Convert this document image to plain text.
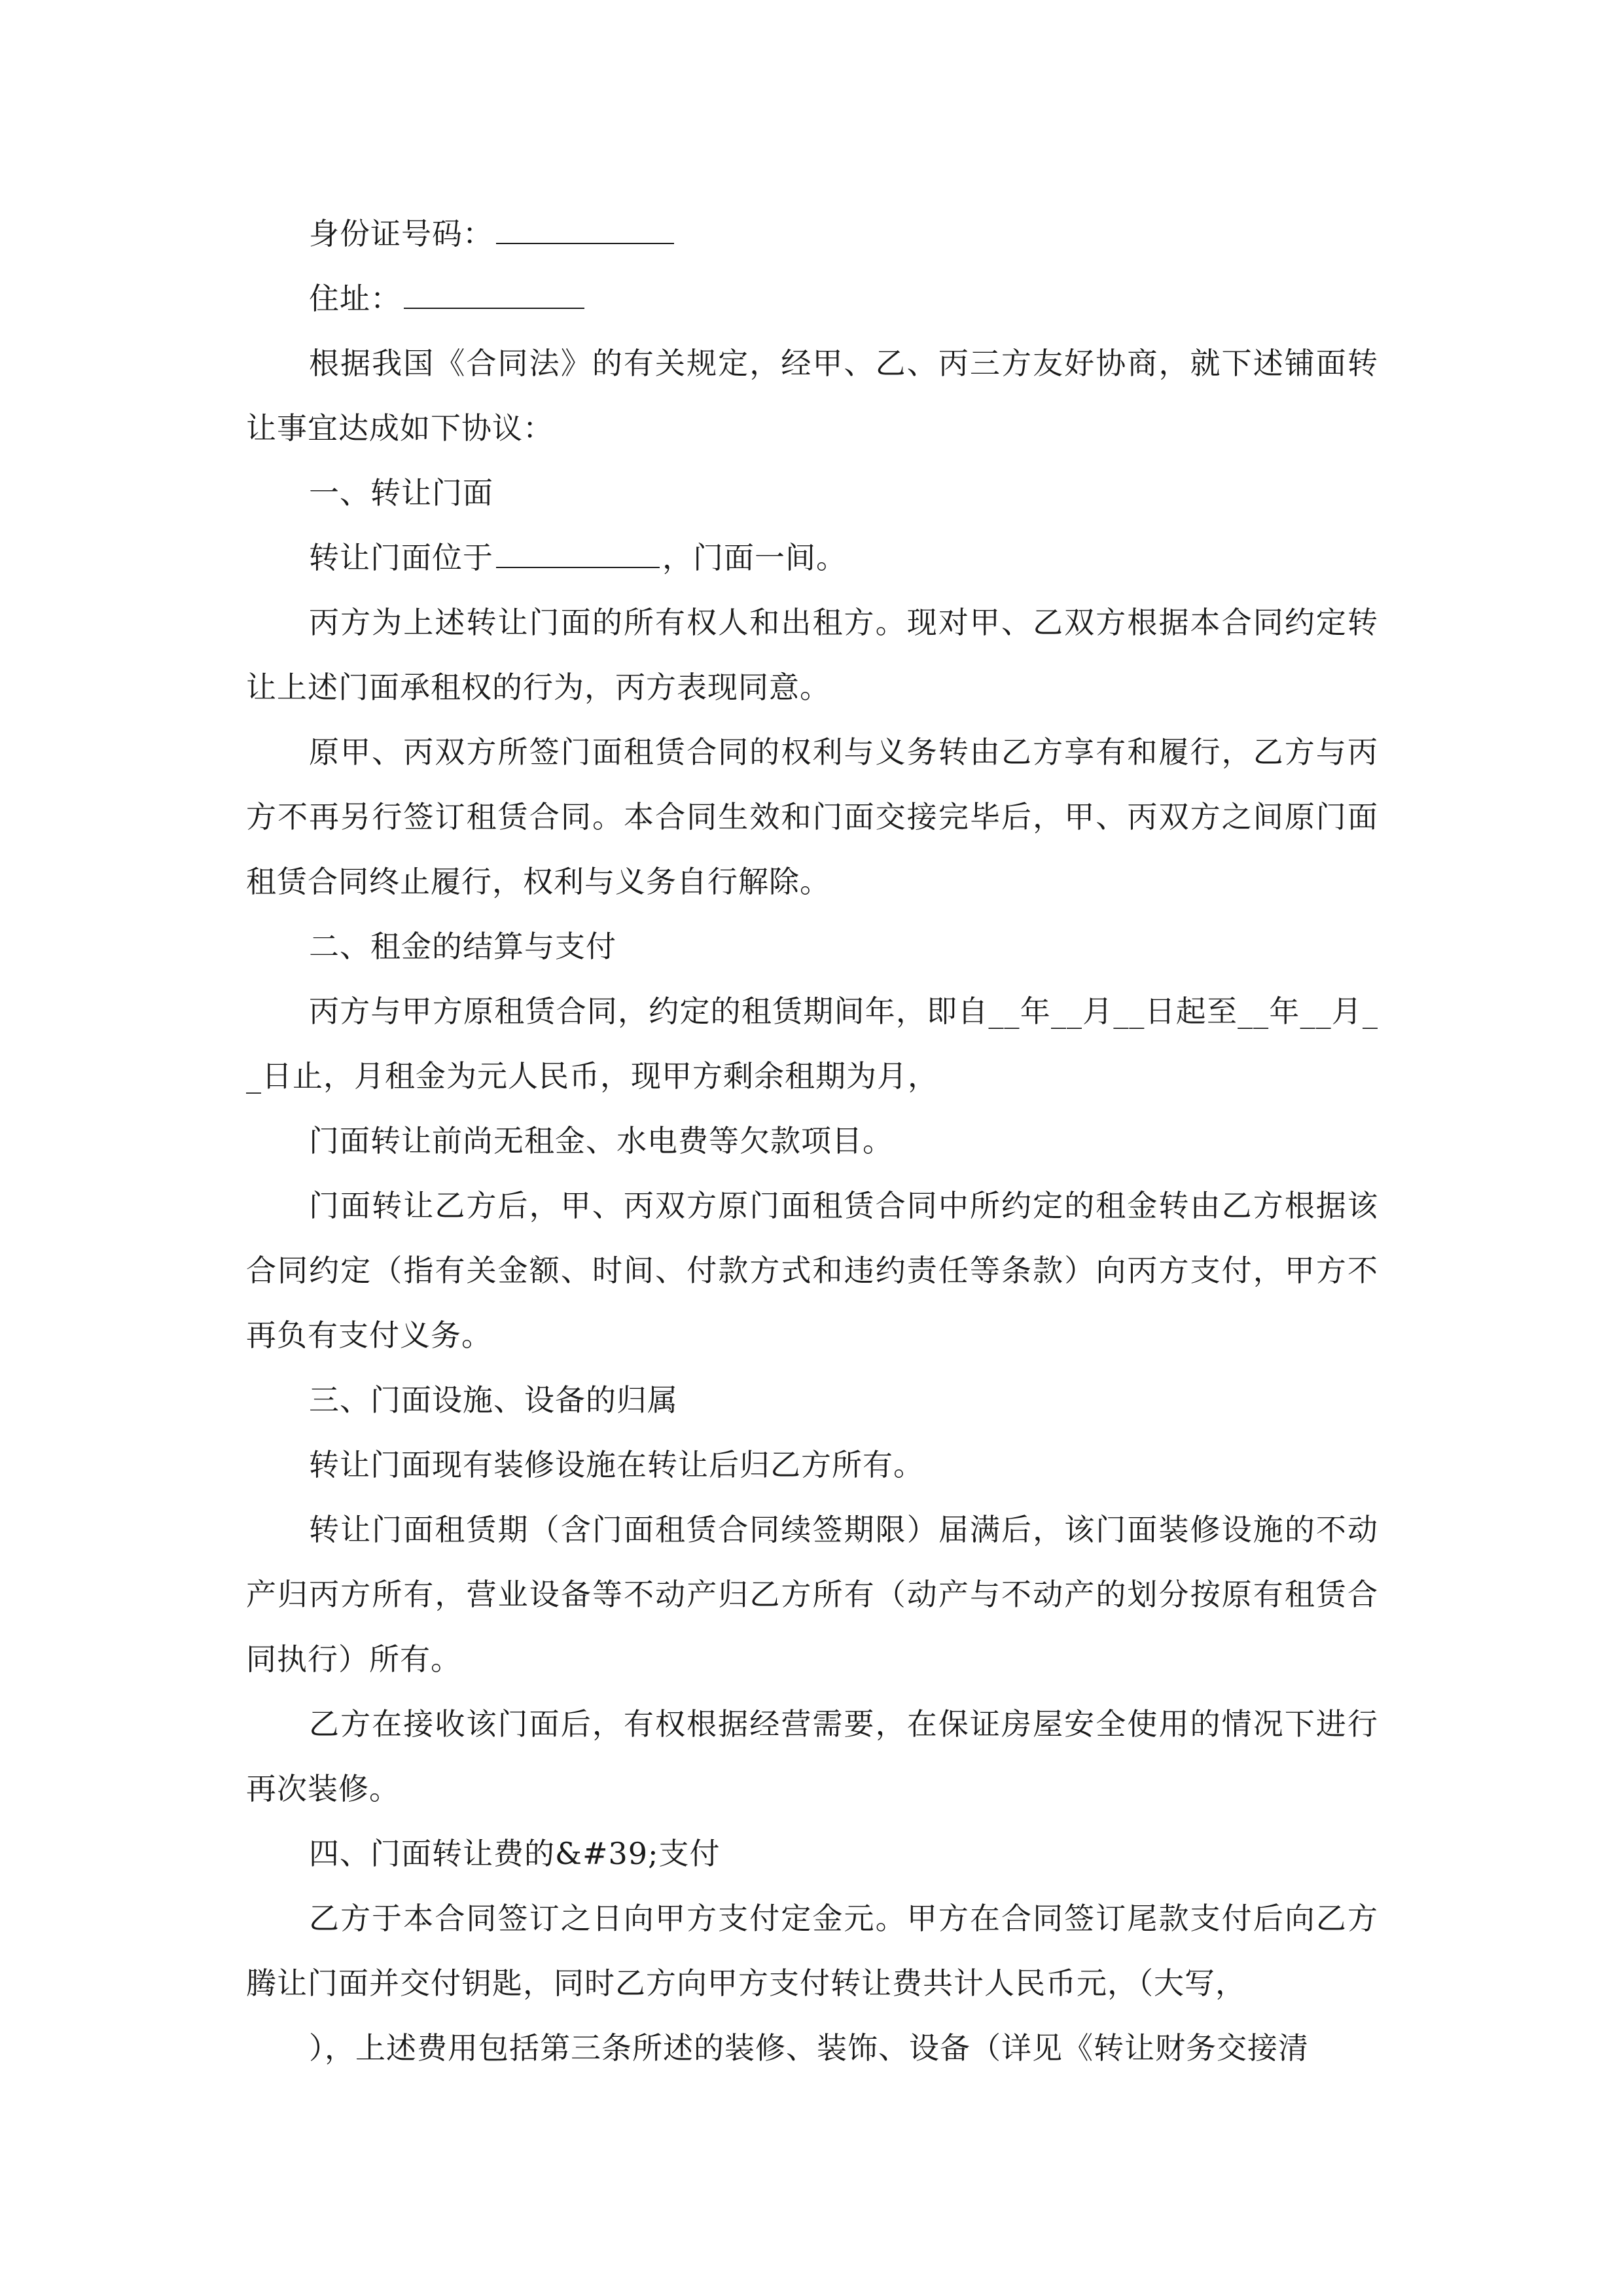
身份证号码：

住址：

根据我国《合同法》的有关规定，经甲、乙、丙三方友好协商，就下述铺面转让事宜达成如下协议：

一、转让门面

转让门面位于	，门面一间。

丙方为上述转让门面的所有权人和出租方。现对甲、乙双方根据本合同约定转让上述门面承租权的行为，丙方表现同意。

原甲、丙双方所签门面租赁合同的权利与义务转由乙方享有和履行，乙方与丙方不再另行签订租赁合同。本合同生效和门面交接完毕后，甲、丙双方之间原门面租赁合同终止履行，权利与义务自行解除。

二、租金的结算与支付

丙方与甲方原租赁合同，约定的租赁期间年，即自__年__月__日起至__年__月__日止，月租金为元人民币，现甲方剩余租期为月，

门面转让前尚无租金、水电费等欠款项目。

门面转让乙方后，甲、丙双方原门面租赁合同中所约定的租金转由乙方根据该合同约定（指有关金额、时间、付款方式和违约责任等条款）向丙方支付，甲方不再负有支付义务。

三、门面设施、设备的归属

转让门面现有装修设施在转让后归乙方所有。

转让门面租赁期（含门面租赁合同续签期限）届满后，该门面装修设施的不动产归丙方所有，营业设备等不动产归乙方所有（动产与不动产的划分按原有租赁合同执行）所有。

乙方在接收该门面后，有权根据经营需要，在保证房屋安全使用的情况下进行再次装修。

四、门面转让费的&#39;支付

乙方于本合同签订之日向甲方支付定金元。甲方在合同签订尾款支付后向乙方腾让门面并交付钥匙，同时乙方向甲方支付转让费共计人民币元，（大写，

），上述费用包括第三条所述的装修、装饰、设备（详见《转让财务交接清
